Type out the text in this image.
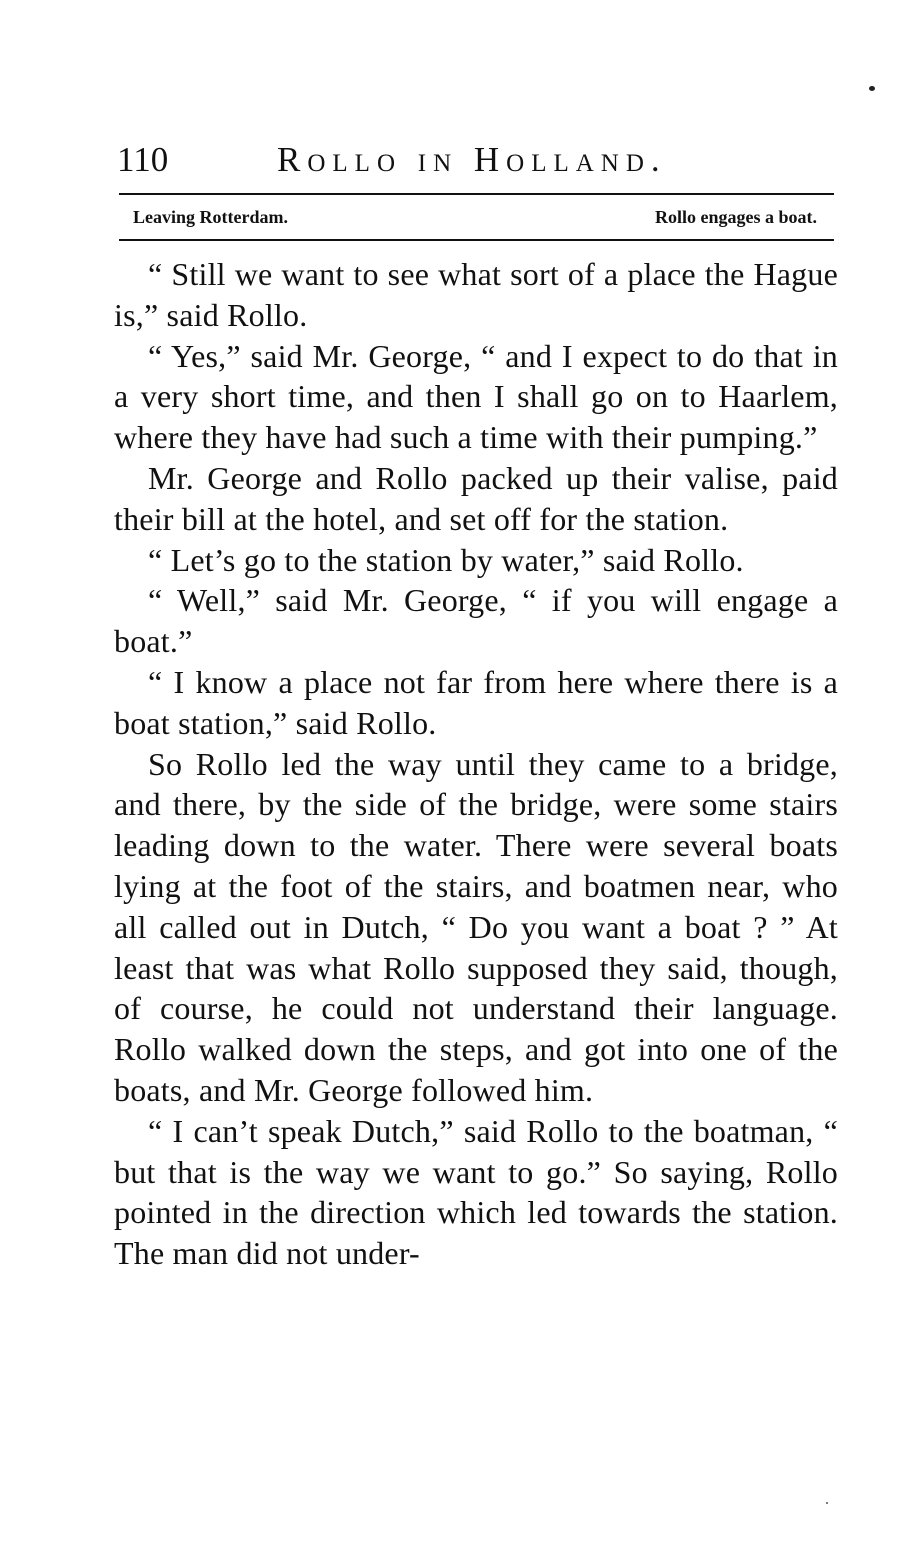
110	Rollo in Holland.
Leaving Rotterdam.	Rollo engages a boat.

“ Still we want to see what sort of a place the Hague is,” said Rollo.

“ Yes,” said Mr. George, “ and I expect to do that in a very short time, and then I shall go on to Haarlem, where they have had such a time with their pumping.”

Mr. George and Rollo packed up their valise, paid their bill at the hotel, and set off for the station.

“ Let’s go to the station by water,” said Rollo.

“ Well,” said Mr. George, “ if you will engage a boat.”

“ I know a place not far from here where there is a boat station,” said Rollo.

So Rollo led the way until they came to a bridge, and there, by the side of the bridge, were some stairs leading down to the water. There were several boats lying at the foot of the stairs, and boatmen near, who all called out in Dutch, “ Do you want a boat ? ” At least that was what Rollo supposed they said, though, of course, he could not understand their language. Rollo walked down the steps, and got into one of the boats, and Mr. George followed him.

“ I can’t speak Dutch,” said Rollo to the boatman, “ but that is the way we want to go.” So saying, Rollo pointed in the direction which led towards the station. The man did not under-
